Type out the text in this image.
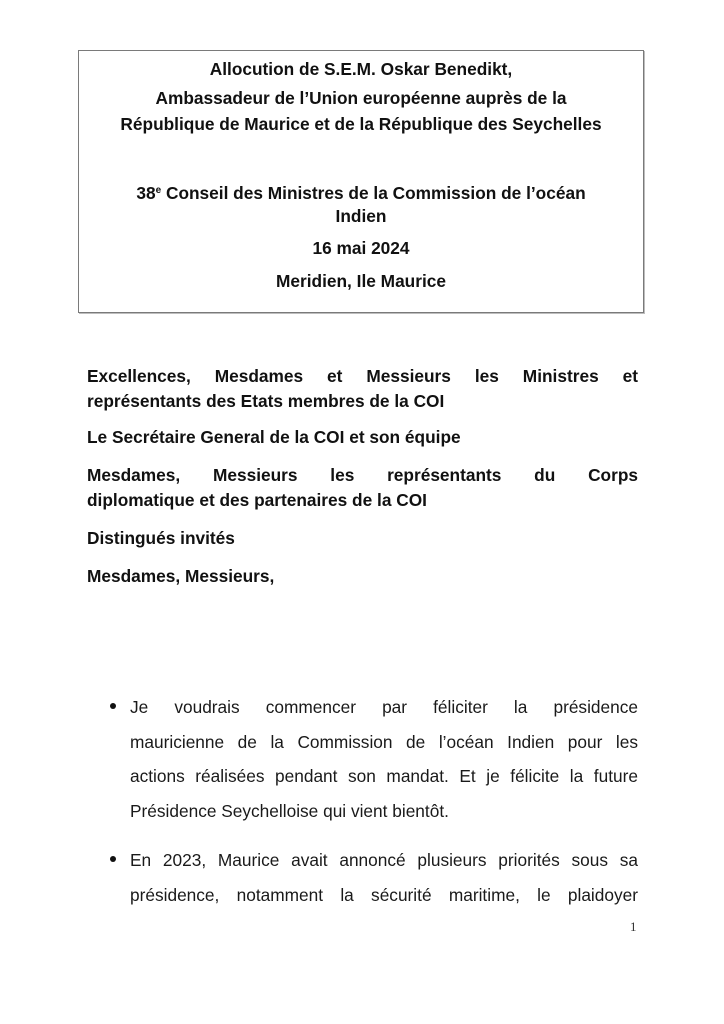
Allocution de S.E.M. Oskar Benedikt,
Ambassadeur de l’Union européenne auprès de la
République de Maurice et de la République des Seychelles
38e Conseil des Ministres de la Commission de l’océan
Indien
16 mai 2024
Meridien, Ile Maurice
Excellences, Mesdames et Messieurs les Ministres et
représentants des Etats membres de la COI
Le Secrétaire General de la COI et son équipe
Mesdames, Messieurs les représentants du Corps
diplomatique et des partenaires de la COI
Distingués invités
Mesdames, Messieurs,
Je voudrais commencer par féliciter la présidence
mauricienne de la Commission de l’océan Indien pour les
actions réalisées pendant son mandat. Et je félicite la future
Présidence Seychelloise qui vient bientôt.
En 2023, Maurice avait annoncé plusieurs priorités sous sa
présidence, notamment la sécurité maritime, le plaidoyer
1
